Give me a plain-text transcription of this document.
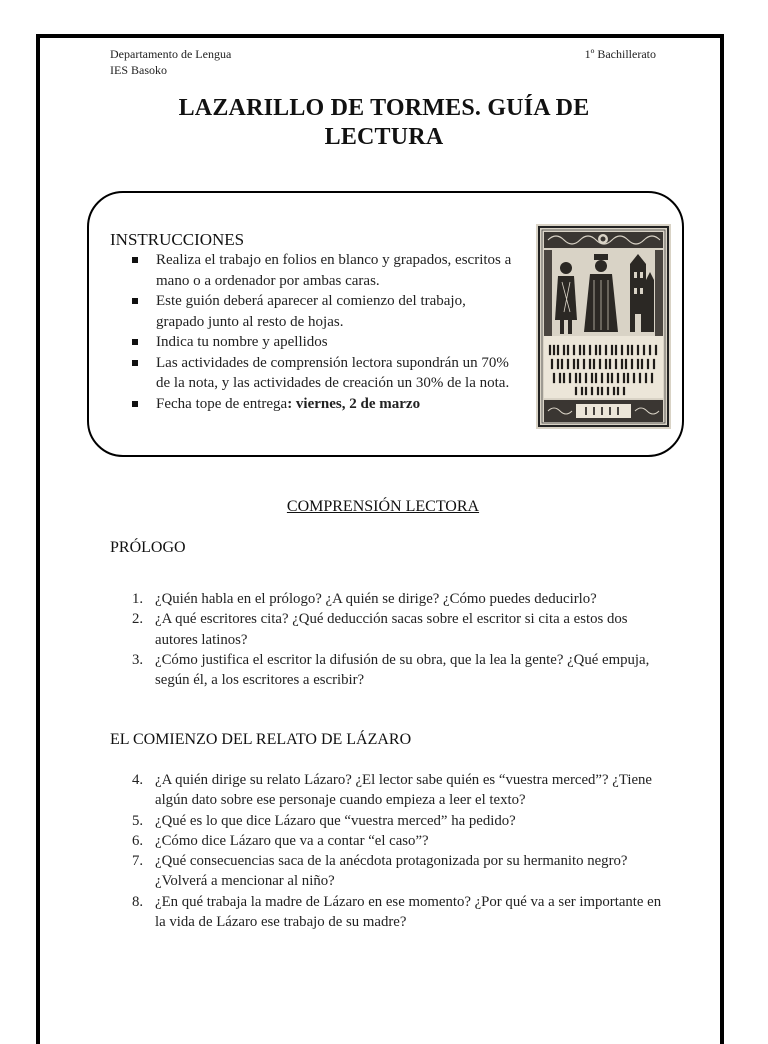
Departamento de Lengua
IES Basoko
1º Bachillerato
LAZARILLO DE TORMES. GUÍA DE
LECTURA
INSTRUCCIONES
Realiza el trabajo en folios en blanco y grapados, escritos a mano o a ordenador por ambas caras.
Este guión deberá aparecer al comienzo del trabajo, grapado junto al resto de hojas.
Indica tu nombre y apellidos
Las actividades de comprensión lectora supondrán un 70% de la nota, y las actividades de creación un 30% de la nota.
Fecha tope de entrega: viernes, 2 de marzo
COMPRENSIÓN LECTORA
PRÓLOGO
1. ¿Quién habla en el prólogo? ¿A quién se dirige? ¿Cómo puedes deducirlo?
2. ¿A qué escritores cita? ¿Qué deducción sacas sobre el escritor si cita a estos dos autores latinos?
3. ¿Cómo justifica el escritor la difusión de su obra, que la lea la gente? ¿Qué empuja, según él, a los escritores a escribir?
EL COMIENZO DEL RELATO DE LÁZARO
4. ¿A quién dirige su relato Lázaro? ¿El lector sabe quién es “vuestra merced”? ¿Tiene algún dato sobre ese personaje cuando empieza a leer el texto?
5. ¿Qué es lo que dice Lázaro que “vuestra merced” ha pedido?
6. ¿Cómo dice Lázaro que va a contar “el caso”?
7. ¿Qué consecuencias saca de la anécdota protagonizada por su hermanito negro? ¿Volverá a mencionar al niño?
8. ¿En qué trabaja la madre de Lázaro en ese momento? ¿Por qué va a ser importante en la vida de Lázaro ese trabajo de su madre?
